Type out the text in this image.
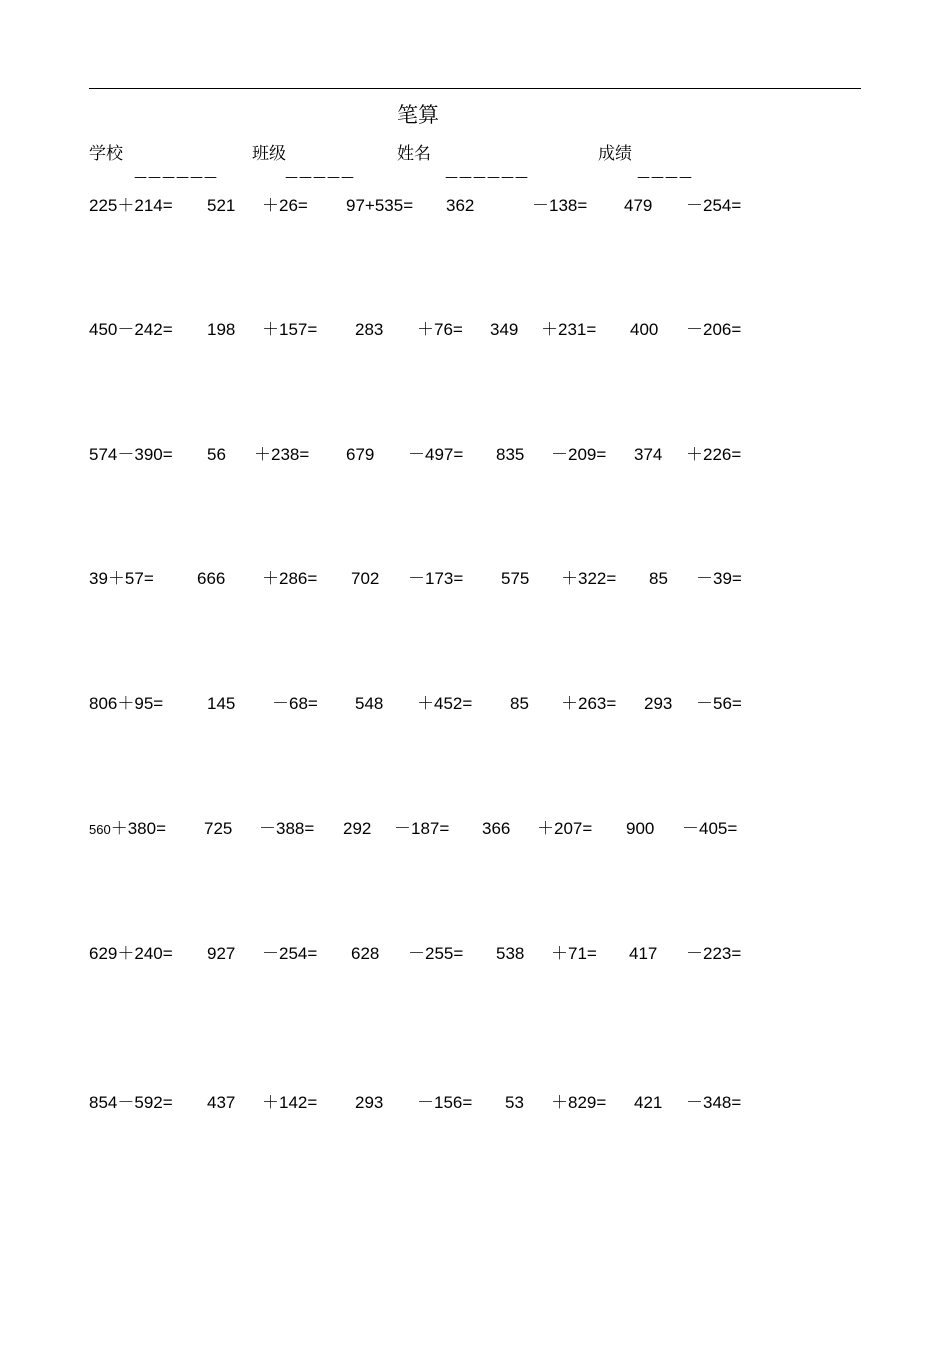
笔算
学校	班级	姓名	成绩
——————	—————	——————	————
225＋214= 521 ＋26= 97+535= 362	－138= 479 －254=
450－242= 198 ＋157= 283 ＋76= 349 ＋231= 400 －206=
574－390= 56 ＋238= 679 －497= 835 －209= 374 ＋226=
39＋57=	666 ＋286= 702 －173= 575 ＋322= 85 －39=
806＋95=	145 －68= 548 ＋452= 85 ＋263= 293 －56=
560＋380= 725 －388= 292 －187= 366 ＋207= 900 －405=
629＋240= 927 －254= 628 －255= 538 ＋71= 417 －223=
854－592= 437 ＋142= 293 －156= 53 ＋829= 421 －348=
